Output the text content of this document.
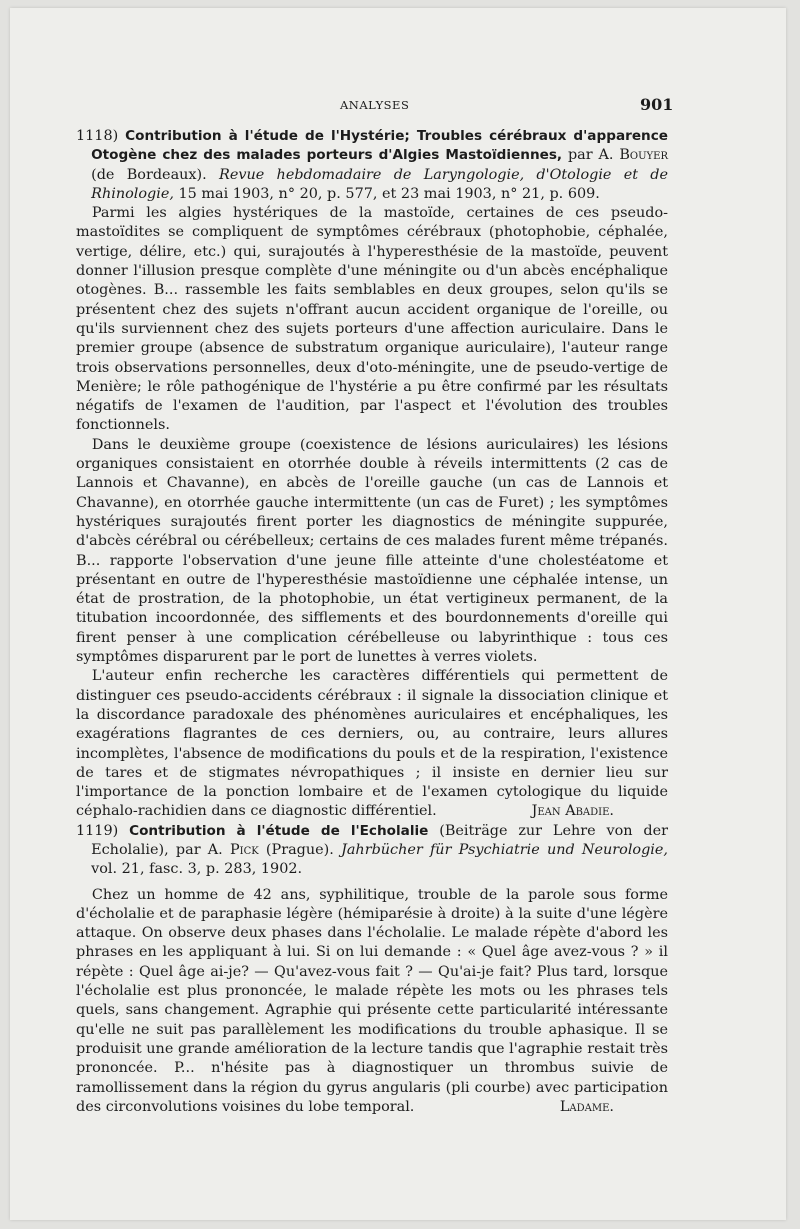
ANALYSES	901

1118) Contribution à l'étude de l'Hystérie; Troubles cérébraux d'apparence Otogène chez des malades porteurs d'Algies Mastoïdiennes, par A. Bouyer (de Bordeaux). Revue hebdomadaire de Laryngologie, d'Otologie et de Rhinologie, 15 mai 1903, n° 20, p. 577, et 23 mai 1903, n° 21, p. 609.

Parmi les algies hystériques de la mastoïde, certaines de ces pseudo-mastoïdites se compliquent de symptômes cérébraux (photophobie, céphalée, vertige, délire, etc.) qui, surajoutés à l'hyperesthésie de la mastoïde, peuvent donner l'illusion presque complète d'une méningite ou d'un abcès encéphalique otogènes. B... rassemble les faits semblables en deux groupes, selon qu'ils se présentent chez des sujets n'offrant aucun accident organique de l'oreille, ou qu'ils surviennent chez des sujets porteurs d'une affection auriculaire. Dans le premier groupe (absence de substratum organique auriculaire), l'auteur range trois observations personnelles, deux d'oto-méningite, une de pseudo-vertige de Menière; le rôle pathogénique de l'hystérie a pu être confirmé par les résultats négatifs de l'examen de l'audition, par l'aspect et l'évolution des troubles fonctionnels.

Dans le deuxième groupe (coexistence de lésions auriculaires) les lésions organiques consistaient en otorrhée double à réveils intermittents (2 cas de Lannois et Chavanne), en abcès de l'oreille gauche (un cas de Lannois et Chavanne), en otorrhée gauche intermittente (un cas de Furet) ; les symptômes hystériques surajoutés firent porter les diagnostics de méningite suppurée, d'abcès cérébral ou cérébelleux; certains de ces malades furent même trépanés. B... rapporte l'observation d'une jeune fille atteinte d'une cholestéatome et présentant en outre de l'hyperesthésie mastoïdienne une céphalée intense, un état de prostration, de la photophobie, un état vertigineux permanent, de la titubation incoordonnée, des sifflements et des bourdonnements d'oreille qui firent penser à une complication cérébelleuse ou labyrinthique : tous ces symptômes disparurent par le port de lunettes à verres violets.

L'auteur enfin recherche les caractères différentiels qui permettent de distinguer ces pseudo-accidents cérébraux : il signale la dissociation clinique et la discordance paradoxale des phénomènes auriculaires et encéphaliques, les exagérations flagrantes de ces derniers, ou, au contraire, leurs allures incomplètes, l'absence de modifications du pouls et de la respiration, l'existence de tares et de stigmates névropathiques ; il insiste en dernier lieu sur l'importance de la ponction lombaire et de l'examen cytologique du liquide céphalo-rachidien dans ce diagnostic différentiel.	Jean Abadie.

1119) Contribution à l'étude de l'Echolalie (Beiträge zur Lehre von der Echolalie), par A. Pick (Prague). Jahrbücher für Psychiatrie und Neurologie, vol. 21, fasc. 3, p. 283, 1902.

Chez un homme de 42 ans, syphilitique, trouble de la parole sous forme d'écholalie et de paraphasie légère (hémiparésie à droite) à la suite d'une légère attaque. On observe deux phases dans l'écholalie. Le malade répète d'abord les phrases en les appliquant à lui. Si on lui demande : « Quel âge avez-vous ? » il répète : Quel âge ai-je? — Qu'avez-vous fait ? — Qu'ai-je fait? Plus tard, lorsque l'écholalie est plus prononcée, le malade répète les mots ou les phrases tels quels, sans changement. Agraphie qui présente cette particularité intéressante qu'elle ne suit pas parallèlement les modifications du trouble aphasique. Il se produisit une grande amélioration de la lecture tandis que l'agraphie restait très prononcée. P... n'hésite pas à diagnostiquer un thrombus suivie de ramollissement dans la région du gyrus angularis (pli courbe) avec participation des circonvolutions voisines du lobe temporal.	Ladame.
